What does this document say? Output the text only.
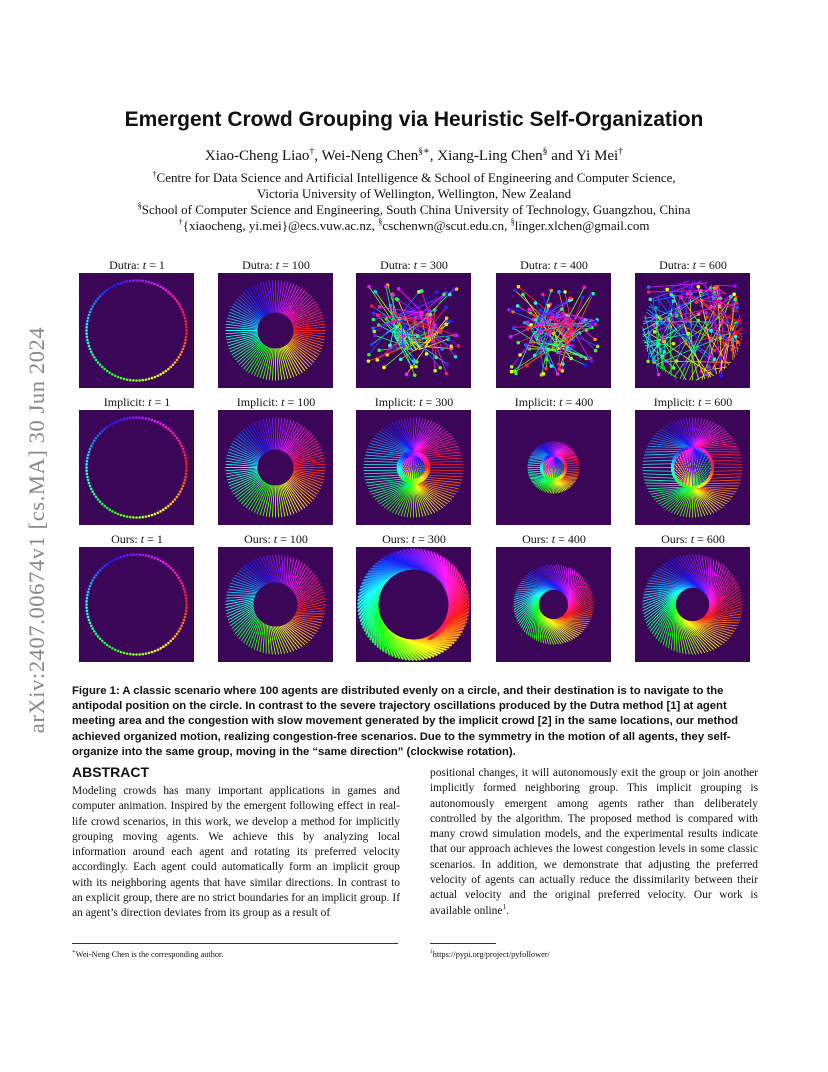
arXiv:2407.00674v1 [cs.MA] 30 Jun 2024
Emergent Crowd Grouping via Heuristic Self-Organization
Xiao-Cheng Liao†, Wei-Neng Chen§∗, Xiang-Ling Chen§ and Yi Mei†
†Centre for Data Science and Artificial Intelligence & School of Engineering and Computer Science,
Victoria University of Wellington, Wellington, New Zealand
§School of Computer Science and Engineering, South China University of Technology, Guangzhou, China
†{xiaocheng, yi.mei}@ecs.vuw.ac.nz, §cschenwn@scut.edu.cn, §linger.xlchen@gmail.com
Dutra: t = 1	Dutra: t = 100	Dutra: t = 300	Dutra: t = 400	Dutra: t = 600
Implicit: t = 1	Implicit: t = 100	Implicit: t = 300	Implicit: t = 400	Implicit: t = 600
Ours: t = 1	Ours: t = 100	Ours: t = 300	Ours: t = 400	Ours: t = 600
Figure 1: A classic scenario where 100 agents are distributed evenly on a circle, and their destination is to navigate to the antipodal position on the circle. In contrast to the severe trajectory oscillations produced by the Dutra method [1] at agent meeting area and the congestion with slow movement generated by the implicit crowd [2] in the same locations, our method achieved organized motion, realizing congestion-free scenarios. Due to the symmetry in the motion of all agents, they self-organize into the same group, moving in the “same direction” (clockwise rotation).
ABSTRACT
Modeling crowds has many important applications in games and computer animation. Inspired by the emergent following effect in real-life crowd scenarios, in this work, we develop a method for implicitly grouping moving agents. We achieve this by analyzing local information around each agent and rotating its preferred velocity accordingly. Each agent could automatically form an implicit group with its neighboring agents that have similar directions. In contrast to an explicit group, there are no strict boundaries for an implicit group. If an agent’s direction deviates from its group as a result of
positional changes, it will autonomously exit the group or join another implicitly formed neighboring group. This implicit grouping is autonomously emergent among agents rather than deliberately controlled by the algorithm. The proposed method is compared with many crowd simulation models, and the experimental results indicate that our approach achieves the lowest congestion levels in some classic scenarios. In addition, we demonstrate that adjusting the preferred velocity of agents can actually reduce the dissimilarity between their actual velocity and the original preferred velocity. Our work is available online$^1$.
∗Wei-Neng Chen is the corresponding author.	$^1$https://pypi.org/project/pyfollower/
